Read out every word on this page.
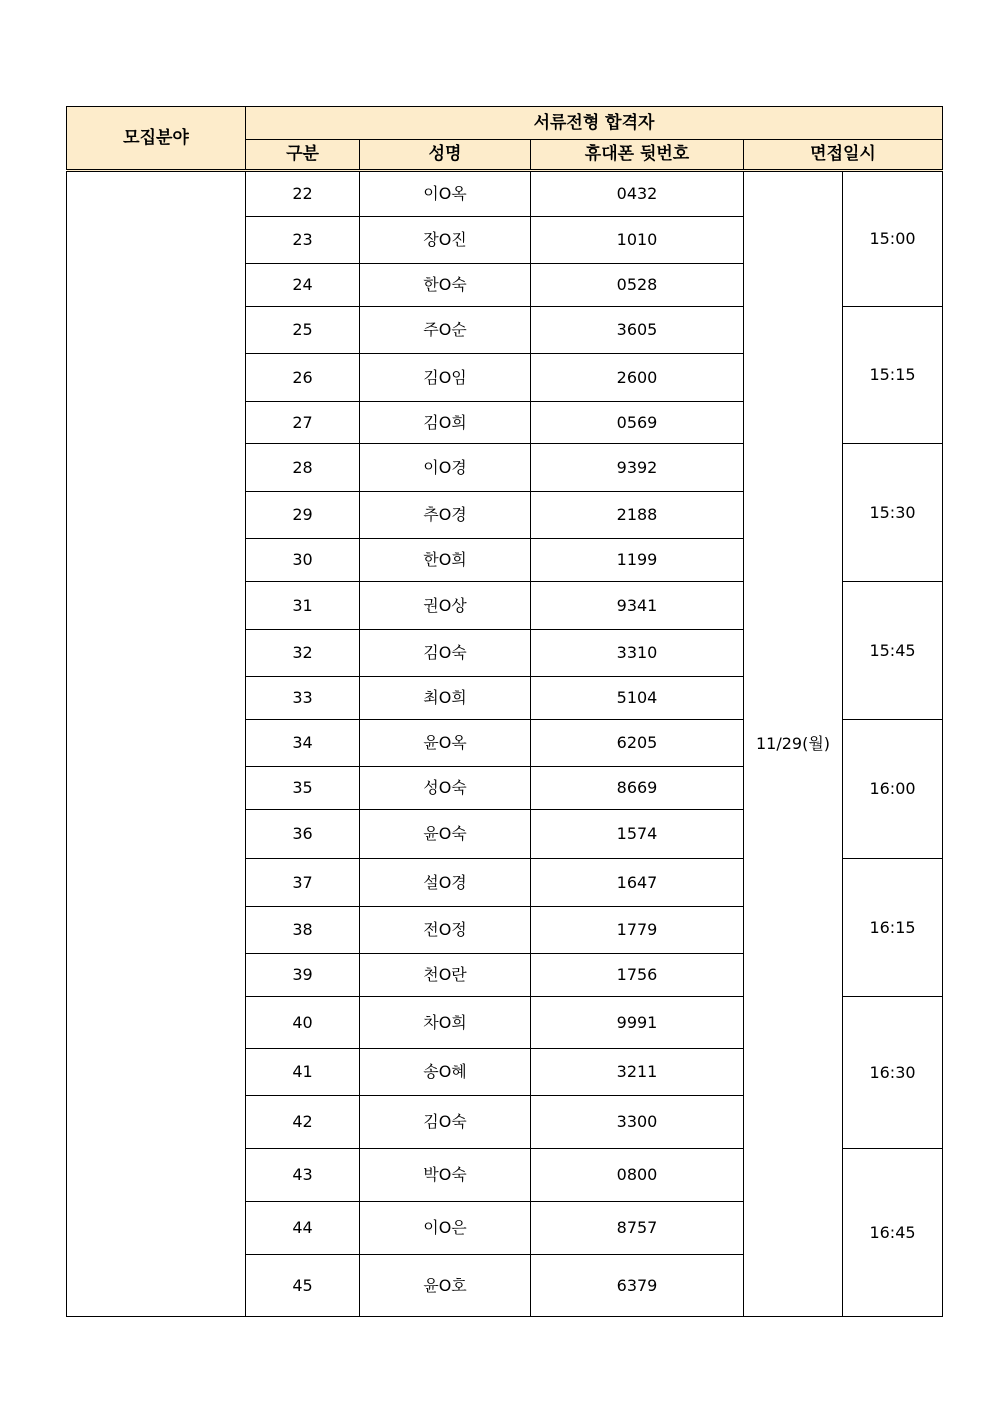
모집분야	서류전형 합격자				
	구분	성명	휴대폰 뒷번호	면접일시	
	22	이O옥	0432	11/29(월)	15:00
	23	장O진	1010		
	24	한O숙	0528		
	25	주O순	3605		15:15
	26	김O임	2600		
	27	김O희	0569		
	28	이O경	9392		15:30
	29	추O경	2188		
	30	한O희	1199		
	31	권O상	9341		15:45
	32	김O숙	3310		
	33	최O희	5104		
	34	윤O옥	6205		16:00
	35	성O숙	8669		
	36	윤O숙	1574		
	37	설O경	1647		16:15
	38	전O정	1779		
	39	천O란	1756		
	40	차O희	9991		16:30
	41	송O혜	3211		
	42	김O숙	3300		
	43	박O숙	0800		16:45
	44	이O은	8757		
	45	윤O호	6379		
